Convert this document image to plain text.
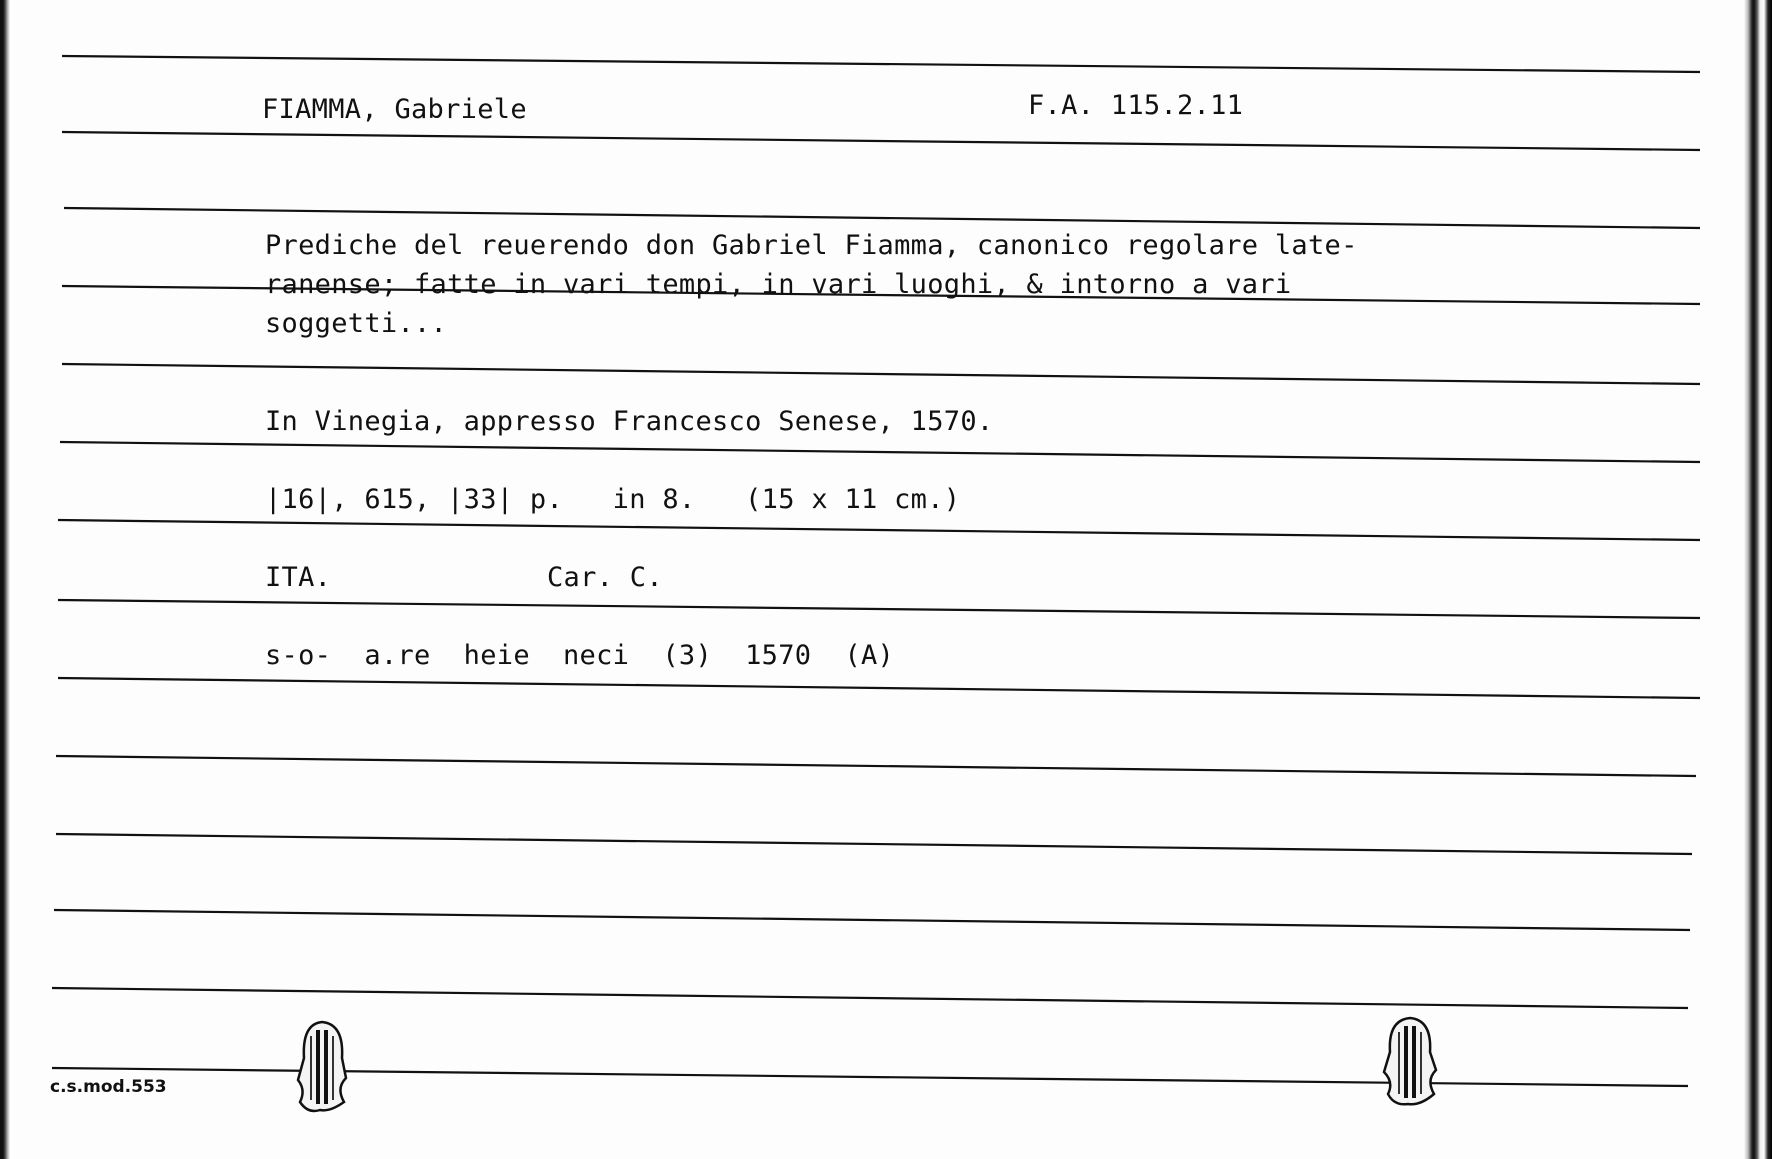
FIAMMA, Gabriele	F.A. 115.2.11
Prediche del reuerendo don Gabriel Fiamma, canonico regolare late-
ranense; fatte in vari tempi, in vari luoghi, & intorno a vari
soggetti...
In Vinegia, appresso Francesco Senese, 1570.
|16|, 615, |33| p.   in 8.   (15 x 11 cm.)
ITA.	Car. C.
s-o-  a.re  heie  neci  (3)  1570  (A)
c.s.mod.553
